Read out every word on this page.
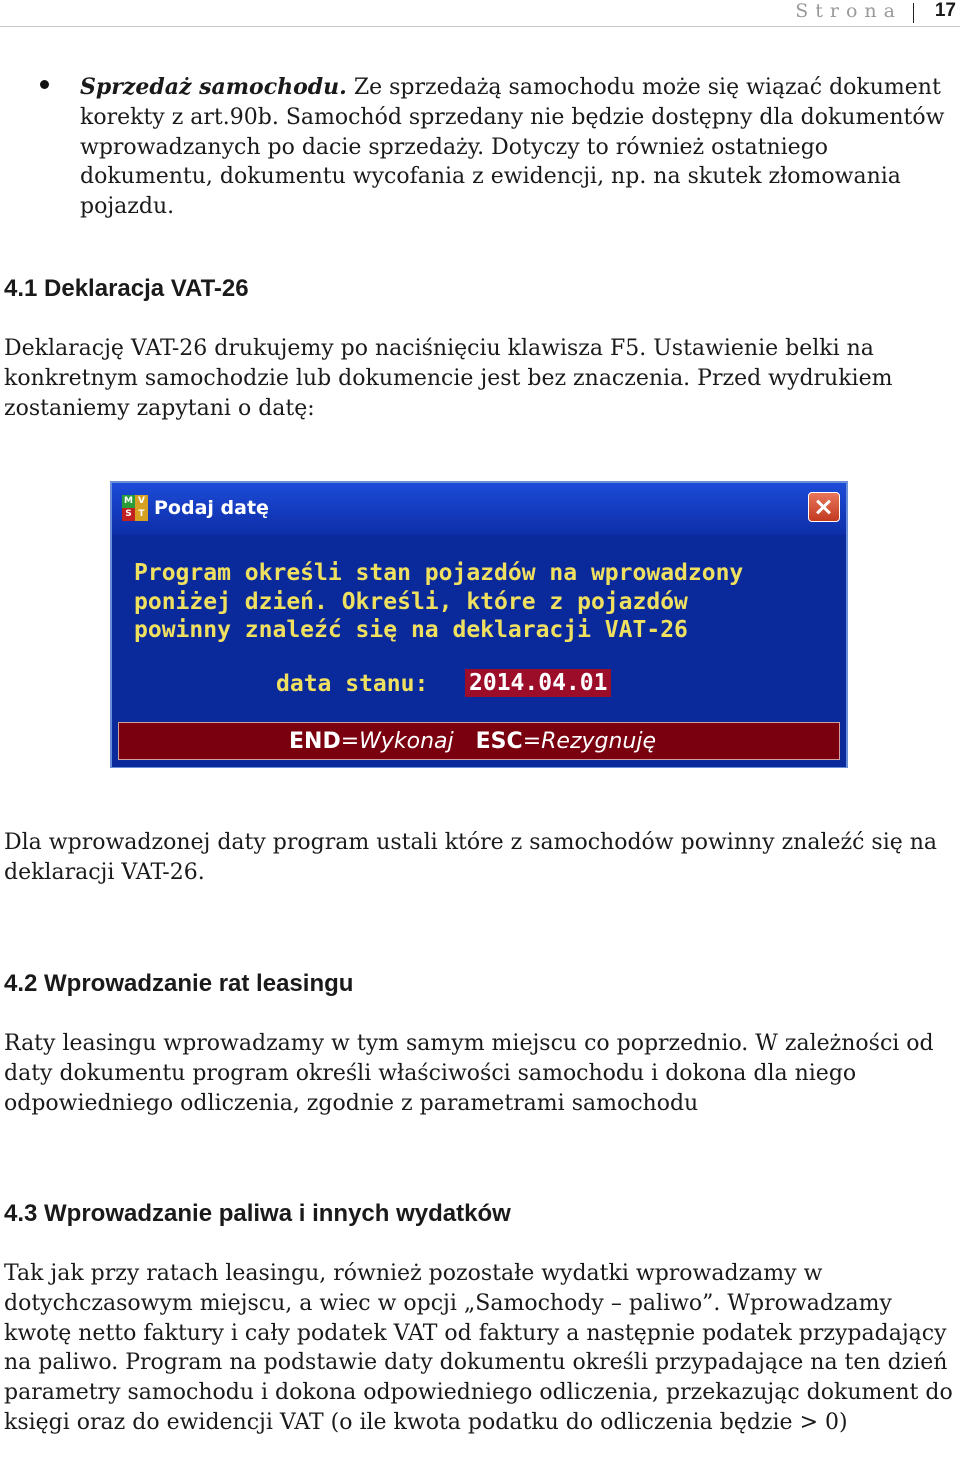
Strona 17
Sprzedaż samochodu. Ze sprzedażą samochodu może się wiązać dokument korekty z art.90b. Samochód sprzedany nie będzie dostępny dla dokumentów wprowadzanych po dacie sprzedaży. Dotyczy to również ostatniego dokumentu, dokumentu wycofania z ewidencji, np. na skutek złomowania pojazdu.
4.1 Deklaracja VAT-26
Deklarację VAT-26 drukujemy po naciśnięciu klawisza F5. Ustawienie belki na konkretnym samochodzie lub dokumencie jest bez znaczenia. Przed wydrukiem zostaniemy zapytani o datę:
M V
S T Podaj datę
Program określi stan pojazdów na wprowadzony
poniżej dzień. Określi, które z pojazdów
powinny znaleźć się na deklaracji VAT-26
data stanu: 2014.04.01
END=Wykonaj ESC=Rezygnuję
Dla wprowadzonej daty program ustali które z samochodów powinny znaleźć się na deklaracji VAT-26.
4.2 Wprowadzanie rat leasingu
Raty leasingu wprowadzamy w tym samym miejscu co poprzednio. W zależności od daty dokumentu program określi właściwości samochodu i dokona dla niego odpowiedniego odliczenia, zgodnie z parametrami samochodu
4.3 Wprowadzanie paliwa i innych wydatków
Tak jak przy ratach leasingu, również pozostałe wydatki wprowadzamy w dotychczasowym miejscu, a wiec w opcji „Samochody – paliwo”. Wprowadzamy kwotę netto faktury i cały podatek VAT od faktury a następnie podatek przypadający na paliwo. Program na podstawie daty dokumentu określi przypadające na ten dzień parametry samochodu i dokona odpowiedniego odliczenia, przekazując dokument do księgi oraz do ewidencji VAT (o ile kwota podatku do odliczenia będzie > 0)
